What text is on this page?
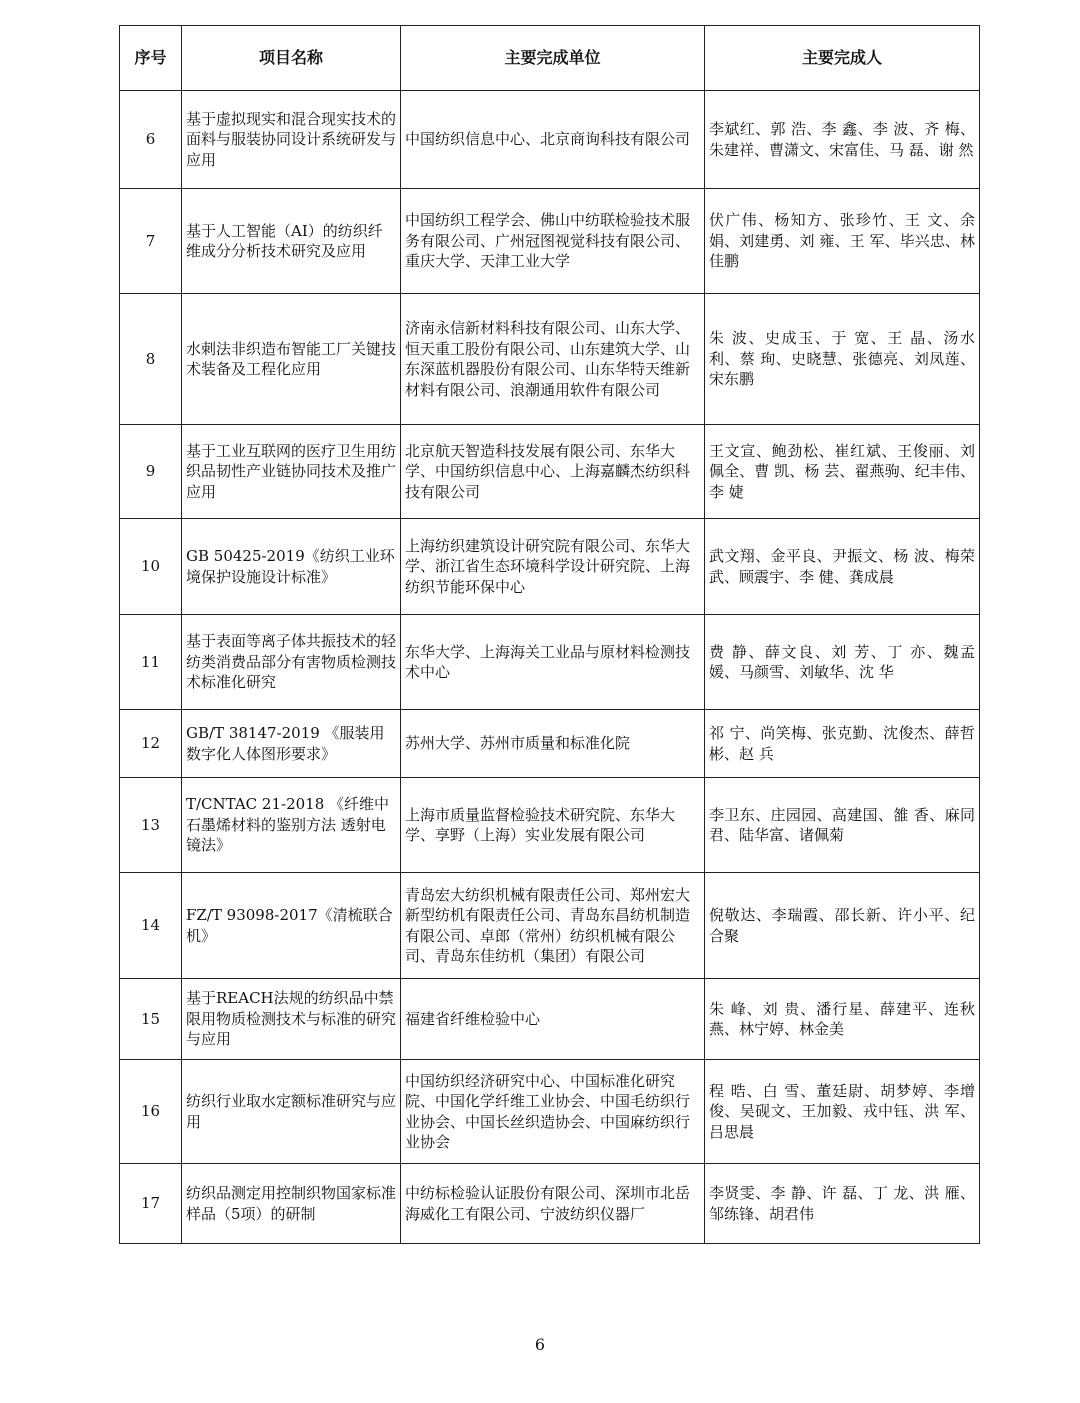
序号	项目名称	主要完成单位	主要完成人
6	基于虚拟现实和混合现实技术的面料与服装协同设计系统研发与应用	中国纺织信息中心、北京商询科技有限公司	李斌红、郭 浩、李 鑫、李 波、齐 梅、朱建祥、曹潇文、宋富佳、马 磊、谢 然
7	基于人工智能（AI）的纺织纤维成分分析技术研究及应用	中国纺织工程学会、佛山中纺联检验技术服务有限公司、广州冠图视觉科技有限公司、重庆大学、天津工业大学	伏广伟、杨知方、张珍竹、王 文、余 娟、刘建勇、刘 雍、王 军、毕兴忠、林佳鹏
8	水刺法非织造布智能工厂关键技术装备及工程化应用	济南永信新材料科技有限公司、山东大学、恒天重工股份有限公司、山东建筑大学、山东深蓝机器股份有限公司、山东华特天维新材料有限公司、浪潮通用软件有限公司	朱 波、史成玉、于 宽、王 晶、汤水利、蔡 珣、史晓慧、张德亮、刘凤莲、宋东鹏
9	基于工业互联网的医疗卫生用纺织品韧性产业链协同技术及推广应用	北京航天智造科技发展有限公司、东华大学、中国纺织信息中心、上海嘉麟杰纺织科技有限公司	王文宣、鲍劲松、崔红斌、王俊丽、刘佩全、曹 凯、杨 芸、翟燕驹、纪丰伟、李 婕
10	GB 50425-2019《纺织工业环境保护设施设计标准》	上海纺织建筑设计研究院有限公司、东华大学、浙江省生态环境科学设计研究院、上海纺织节能环保中心	武文翔、金平良、尹振文、杨 波、梅荣武、顾震宇、李 健、龚成晨
11	基于表面等离子体共振技术的轻纺类消费品部分有害物质检测技术标准化研究	东华大学、上海海关工业品与原材料检测技术中心	费 静、薛文良、刘 芳、丁 亦、魏孟媛、马颜雪、刘敏华、沈 华
12	GB/T 38147-2019 《服装用数字化人体图形要求》	苏州大学、苏州市质量和标准化院	祁 宁、尚笑梅、张克勤、沈俊杰、薛哲彬、赵 兵
13	T/CNTAC 21-2018 《纤维中石墨烯材料的鉴别方法 透射电镜法》	上海市质量监督检验技术研究院、东华大学、享野（上海）实业发展有限公司	李卫东、庄园园、高建国、雒 香、麻同君、陆华富、诸佩菊
14	FZ/T 93098-2017《清梳联合机》	青岛宏大纺织机械有限责任公司、郑州宏大新型纺机有限责任公司、青岛东昌纺机制造有限公司、卓郎（常州）纺织机械有限公司、青岛东佳纺机（集团）有限公司	倪敬达、李瑞霞、邵长新、许小平、纪合聚
15	基于REACH法规的纺织品中禁限用物质检测技术与标准的研究与应用	福建省纤维检验中心	朱 峰、刘 贵、潘行星、薛建平、连秋燕、林宁婷、林金美
16	纺织行业取水定额标准研究与应用	中国纺织经济研究中心、中国标准化研究院、中国化学纤维工业协会、中国毛纺织行业协会、中国长丝织造协会、中国麻纺织行业协会	程 晧、白 雪、董廷尉、胡梦婷、李增俊、吴砚文、王加毅、戎中钰、洪 军、吕思晨
17	纺织品测定用控制织物国家标准样品（5项）的研制	中纺标检验认证股份有限公司、深圳市北岳海威化工有限公司、宁波纺织仪器厂	李贤雯、李 静、许 磊、丁 龙、洪 雁、邹练锋、胡君伟
6
